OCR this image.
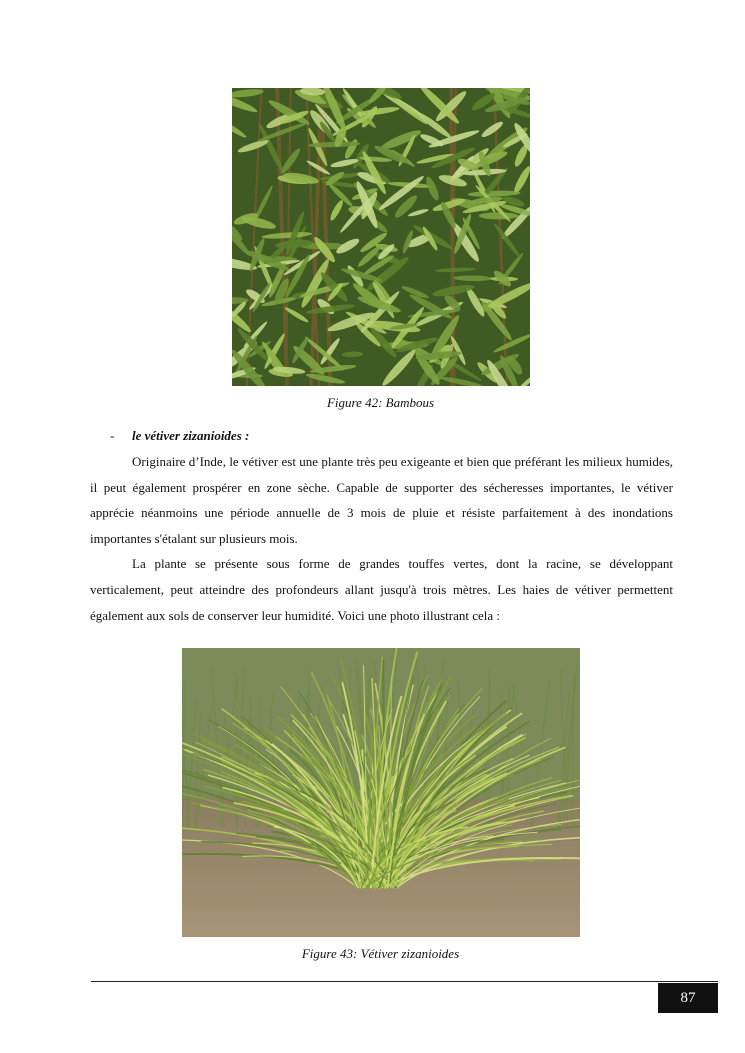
Figure 42: Bambous
- le vétiver zizanioides :

Originaire d’Inde, le vétiver est une plante très peu exigeante et bien que préférant les milieux humides, il peut également prospérer en zone sèche. Capable de supporter des sécheresses importantes, le vétiver apprécie néanmoins une période annuelle de 3 mois de pluie et résiste parfaitement à des inondations importantes s'étalant sur plusieurs mois.

La plante se présente sous forme de grandes touffes vertes, dont la racine, se développant verticalement, peut atteindre des profondeurs allant jusqu'à trois mètres. Les haies de vétiver permettent également aux sols de conserver leur humidité. Voici une photo illustrant cela :

Figure 43: Vétiver zizanioides
87
